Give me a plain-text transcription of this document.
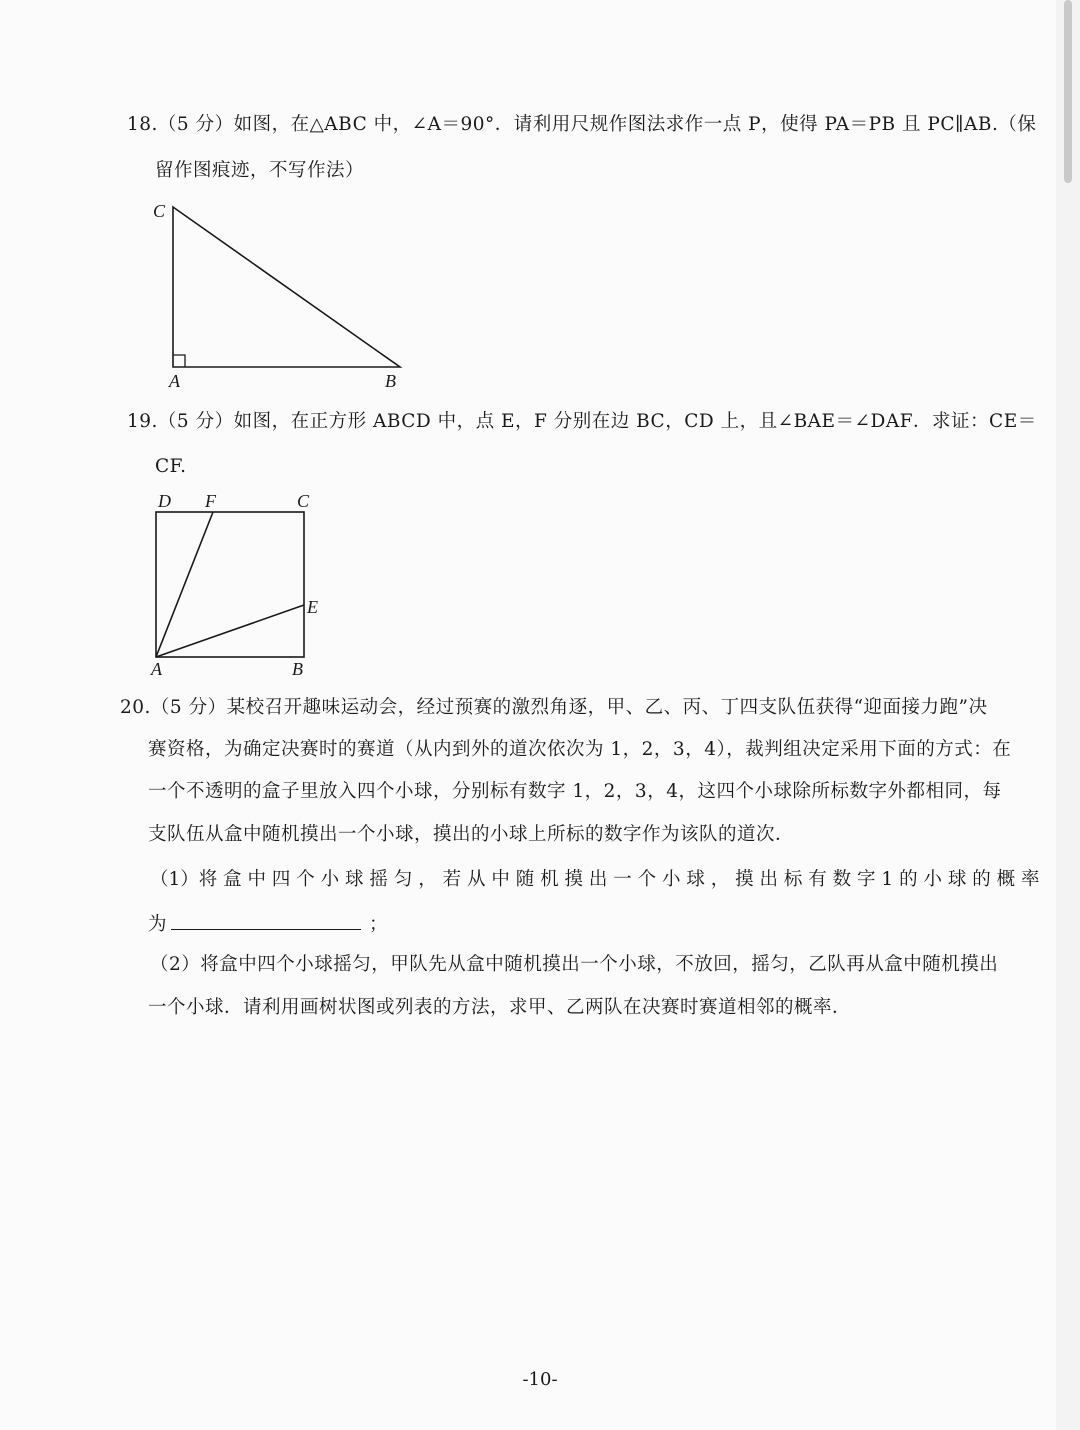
18.（5 分）如图，在△ABC 中，∠A＝90°．请利用尺规作图法求作一点 P，使得 PA＝PB 且 PC∥AB.（保
留作图痕迹，不写作法）
C
A	B
19.（5 分）如图，在正方形 ABCD 中，点 E，F 分别在边 BC，CD 上，且∠BAE＝∠DAF．求证：CE＝
CF.
D F	C
E
A	B
20.（5 分）某校召开趣味运动会，经过预赛的激烈角逐，甲、乙、丙、丁四支队伍获得“迎面接力跑”决
赛资格，为确定决赛时的赛道（从内到外的道次依次为 1，2，3，4），裁判组决定采用下面的方式：在
一个不透明的盒子里放入四个小球，分别标有数字 1，2，3，4，这四个小球除所标数字外都相同，每
支队伍从盒中随机摸出一个小球，摸出的小球上所标的数字作为该队的道次．
（1）将 盒 中 四 个 小 球 摇 匀 ， 若 从 中 随 机 摸 出 一 个 小 球 ， 摸 出 标 有 数 字 1 的 小 球 的 概 率
为	；
（2）将盒中四个小球摇匀，甲队先从盒中随机摸出一个小球，不放回，摇匀，乙队再从盒中随机摸出
一个小球．请利用画树状图或列表的方法，求甲、乙两队在决赛时赛道相邻的概率．
-10-
